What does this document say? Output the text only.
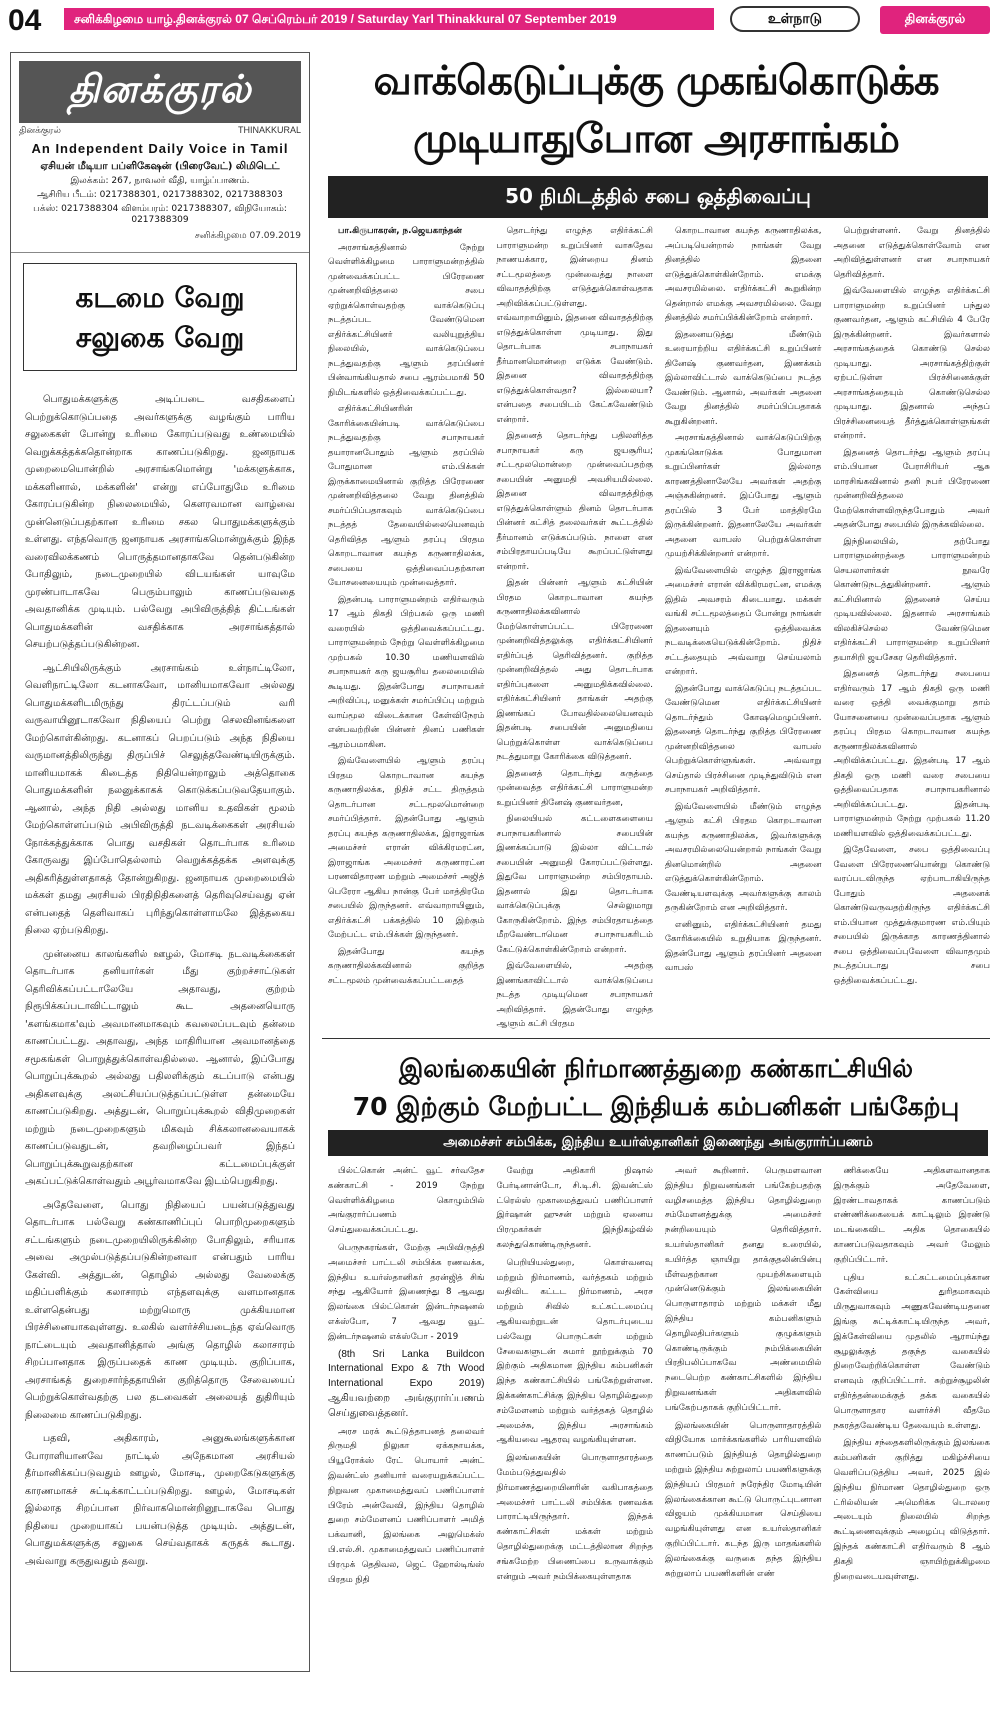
04	சனிக்கிழமை யாழ்.தினக்குரல் 07 செப்ரெம்பர் 2019 / Saturday Yarl Thinakkural 07 September 2019	உள்நாடு	தினக்குரல்
தினக்குரல்
தினக்குரல்	THINAKKURAL
An Independent Daily Voice in Tamil
ஏசியன் மீடியா பப்ளிகேஷன் (பிரைவேட்) லிமிடெட்
இலக்கம்: 267, நாவலர் வீதி, யாழ்ப்பாணம்.
ஆசிரிய பீடம்: 0217388301, 0217388302, 0217388303
பக்ஸ்: 0217388304 விளம்பரம்: 0217388307, விநியோகம்: 0217388309
சனிக்கிழமை 07.09.2019
கடமை வேறு
சலுகை வேறு

பொதுமக்களுக்கு அடிப்படை வசதிகளைப் பெற்றுக்கொடுப்பதை அவர்களுக்கு வழங்கும் பாரிய சலுகைகள் போன்று உரிமை கோரப்படுவது உண்மையில் வெறுக்கத்தக்கதொன்றாக காணப்படுகிறது. ஜனநாயக முறைமையொன்றில் அரசாங்கமொன்று 'மக்களுக்காக, மக்களினால், மக்களின்' என்று எப்போதுமே உரிமை கோரப்படுகின்ற நிலைமையில், கௌரவமான வாழ்வை முன்னெடுப்பதற்கான உரிமை சகல பொதுமக்களுக்கும் உள்ளது. எந்தவொரு ஜனநாயக அரசாங்கமொன்றுக்கும் இந்த வரைவிலக்கணம் பொருத்தமானதாகவே தென்படுகின்ற போதிலும், நடைமுறையில் விடயங்கள் யாவுமே முரண்பாடாகவே பெரும்பாலும் காணப்படுவதை அவதானிக்க முடியும். பல்வேறு அபிவிருத்தித் திட்டங்கள் பொதுமக்களின் வசதிக்காக அரசாங்கத்தால் செயற்படுத்தப்படுகின்றன.

ஆட்சியிலிருக்கும் அரசாங்கம் உள்நாட்டிலோ, வெளிநாட்டிலோ கடனாகவோ, மானியமாகவோ அல்லது பொதுமக்களிடமிருந்து திரட்டப்படும் வரி வருவாயினூடாகவோ நிதியைப் பெற்று செலவினங்களை மேற்கொள்கின்றது. கடனாகப் பெறப்படும் அந்த நிதியை வருமானத்திலிருந்து திருப்பிச் செலுத்தவேண்டியிருக்கும். மானியமாகக் கிடைத்த நிதியென்றாலும் அத்தொகை பொதுமக்களின் நலனுக்காகக் கொடுக்கப்படுவதேயாகும். ஆனால், அந்த நிதி அல்லது மானிய உதவிகள் மூலம் மேற்கொள்ளப்படும் அபிவிருத்தி நடவடிக்கைகள் அரசியல் நோக்கத்துக்காக பொது வசதிகள் தொடர்பாக உரிமை கோருவது இப்போதெல்லாம் வெறுக்கத்தக்க அளவுக்கு அதிகரித்துள்ளதாகத் தோன்றுகிறது. ஜனநாயக முறைமையில் மக்கள் தமது அரசியல் பிரதிநிதிகளைத் தெரிவுசெய்வது ஏன் என்பதைத் தெளிவாகப் புரிந்துகொள்ளாமலே இத்தகைய நிலை ஏற்படுகிறது.

முன்னைய காலங்களில் ஊழல், மோசடி நடவடிக்கைகள் தொடர்பாக தனியார்கள் மீது குற்றச்சாட்டுகள் தெரிவிக்கப்பட்டாலேயே அதாவது, குற்றம் நிரூபிக்கப்படாவிட்டாலும் கூட அதனையொரு 'களங்கமாக'வும் அவமானமாகவும் கவலைப்படவும் தன்மை காணப்பட்டது. அதாவது, அந்த மாதிரியான அவமானத்தை சமூகங்கள் பொறுத்துக்கொள்வதில்லை. ஆனால், இப்போது பொறுப்புக்கூறல் அல்லது பதிலளிக்கும் கடப்பாடு என்பது அதிகளவுக்கு அலட்சியப்படுத்தப்பட்டுள்ள தன்மையே காணப்படுகிறது. அத்துடன், பொறுப்புக்கூறல் விதிமுறைகள் மற்றும் நடைமுறைகளும் மிகவும் சிக்கலானவையாகக் காணப்படுவதுடன், தவறிழைப்பவர் இந்தப் பொறுப்புக்கூறுவதற்கான கட்டமைப்புக்குள் அகப்பட்டுக்கொள்வதும் அபூர்வமாகவே இடம்பெறுகிறது.

அதேவேளை, பொது நிதியைப் பயன்படுத்துவது தொடர்பாக பல்வேறு கண்காணிப்புப் பொறிமுறைகளும் சட்டங்களும் நடைமுறையிலிருக்கின்ற போதிலும், சரியாக அவை அமுல்படுத்தப்படுகின்றனவா என்பதும் பாரிய கேள்வி. அத்துடன், தொழில் அல்லது வேலைக்கு மதிப்பளிக்கும் கலாசாரம் எந்தளவுக்கு வளமானதாக உள்ளதென்பது மற்றுமொரு முக்கியமான பிரச்சினையாகவுள்ளது. உலகில் வளர்ச்சியடைந்த ஏவ்வொரு நாட்டையும் அவதானித்தால் அங்கு தொழில் கலாசாரம் சிறப்பானதாக இருப்பதைக் காண முடியும். குறிப்பாக, அரசாங்கத் துறைசார்ந்ததாயின் குறித்தொரு சேவையைப் பெற்றுக்கொள்வதற்கு பல தடவைகள் அலையத் துதிரியும் நிலைமை காணப்படுகிறது.

பதவி, அதிகாரம், அனுகூலங்களுக்கான போராளியானவே நாட்டில் அநேகமான அரசியல் தீர்மானிக்கப்படுவதும் ஊழல், மோசடி, முறைகேடுகளுக்கு காரணமாகச் சுட்டிக்காட்டப்படுகிறது. ஊழல், மோசடிகள் இல்லாத சிறப்பான நிர்வாகமொன்றினூடாகவே பொது நிதியை முறையாகப் பயன்படுத்த முடியும். அத்துடன், பொதுமக்களுக்கு சலுகை செய்வதாகக் கருதக் கூடாது. அவ்வாறு கருதுவதும் தவறு.

வாக்கெடுப்புக்கு முகங்கொடுக்க
முடியாதுபோன அரசாங்கம்
50 நிமிடத்தில் சபை ஒத்திவைப்பு

பா.கிருபாகரன், ந.ஜெயகாந்தன்

அரசாங்கத்தினால் நேற்று வெள்ளிக்கிழமை பாராளுமன்றத்தில் முன்வைக்கப்பட்ட பிரேரணை முன்னறிவித்தலை சபை ஏற்றுக்கொள்வதற்கு வாக்கெடுப்பு நடத்தப்பட வேண்டுமென எதிர்க்கட்சியினர் வலியுறுத்திய நிலையில், வாக்கெடுப்பை நடத்துவதற்கு ஆளும் தரப்பினர் பின்வாங்கியதால் சபை ஆரம்பமாகி 50 நிமிடங்களில் ஒத்திவைக்கப்பட்டது.

எதிர்க்கட்சியினரின் கோரிக்கையின்படி வாக்கெடுப்பை நடத்துவதற்கு சபாநாயகர் தயாரானபோதும் ஆளும் தரப்பில் போதுமான எம்.பிக்கள் இருக்காமையினால் குறித்த பிரேரணை முன்னறிவித்தலை வேறு தினத்தில் சமர்ப்பிப்பதாகவும் வாக்கெடுப்பை நடத்தத் தேவையில்லையெனவும் தெரிவித்த ஆளும் தரப்பு பிரதம கொறடாவான கயந்த கருணாதிலக்க, சபையை ஒத்திவைப்பதற்கான யோசனையையும் முன்வைத்தார்.

இதன்படி பாராளுமன்றம் எதிர்வரும் 17 ஆம் திகதி பிற்பகல் ஒரு மணி வரையில் ஒத்திவைக்கப்பட்டது. பாராளுமன்றம் நேற்று வெள்ளிக்கிழமை முற்பகல் 10.30 மணியளவில் சபாநாயகர் கரு ஜயசூரிய தலைமையில் கூடியது. இதன்போது சபாநாயகர் அறிவிப்பு, மனுக்கள் சமர்ப்பிப்பு மற்றும் வாய்மூல விடைக்கான கேள்விநேரம் என்பவற்றின் பின்னர் தினப் பணிகள் ஆரம்பமாகின.

இவ்வேளையில் ஆளும் தரப்பு பிரதம கொறடாவான கயந்த கருணாதிலக்க, நிதிச் சட்ட திருத்தம் தொடர்பான சட்டமூலமொன்றை சமர்ப்பித்தார். இதன்போது ஆளும் தரப்பு கயந்த கருணாதிலக்க, இராஜாங்க அமைச்சர் எரான் விக்கிரமரட்ன, இராஜாங்க அமைச்சர் கருணாரட்ன பரணவிதாரண மற்றும் அமைச்சர் அஜித் பெரேரா ஆகிய நான்கு பேர் மாத்திரமே சபையில் இருந்தனர். எவ்வாறாயினும், எதிர்க்கட்சி பக்கத்தில் 10 இற்கும் மேற்பட்ட எம்.பிக்கள் இருந்தனர்.

இதன்போது கயந்த கருணாதிலக்கவினால் குறித்த சட்டமூலம் முன்வைக்கப்பட்டதைத்

தொடர்ந்து எழுந்த எதிர்க்கட்சி பாராளுமன்ற உறுப்பினர் வாசுதேவ நாணயக்கார, இன்றைய தினம் சட்டமூலத்தை முன்வைத்து நாளை விவாதத்திற்கு எடுத்துக்கொள்வதாக அறிவிக்கப்பட்டுள்ளது. எவ்வாறாயினும், இதனை விவாதத்திற்கு எடுத்துக்கொள்ள முடியாது. இது தொடர்பாக சபாநாயகர் தீர்மானமொன்றை எடுக்க வேண்டும். இதனை விவாதத்திற்கு எடுத்துக்கொள்வதா? இல்லையா? என்பதை சபையிடம் கேட்கவேண்டும் என்றார்.

இதனைத் தொடர்ந்து பதிலளித்த சபாநாயகர் கரு ஜயசூரிய; சட்டமூலமொன்றை முன்வைப்பதற்கு சபையின் அனுமதி அவசியமில்லை. இதனை விவாதத்திற்கு எடுத்துக்கொள்ளும் தினம் தொடர்பாக பின்னர் கட்சித் தலைவர்கள் கூட்டத்தில் தீர்மானம் எடுக்கப்படும். நாளை என சம்பிரதாயப்படியே கூறப்பட்டுள்ளது என்றார்.

இதன் பின்னர் ஆளும் கட்சியின் பிரதம கொறடாவான கயந்த கருணாதிலக்கவினால் மேற்கொள்ளப்பட்ட பிரேரணை முன்னறிவித்தலுக்கு எதிர்க்கட்சியினர் எதிர்ப்புத் தெரிவித்தனர். குறித்த முன்னறிவித்தல் அது தொடர்பாக எதிர்ப்புகளை அனுமதிக்கவில்லை. எதிர்க்கட்சியினர் தாங்கள் அதற்கு இணங்கப் போவதில்லையெனவும் இதன்படி சபையின் அனுமதியை பெற்றுக்கொள்ள வாக்கெடுப்பை நடத்துமாறு கோரிக்கை விடுத்தனர்.

இதனைத் தொடர்ந்து கருத்தை முன்வைத்த எதிர்க்கட்சி பாராளுமன்ற உறுப்பினர் தினேஷ் குணவர்தன,

நிலையியல் கட்டளைகளையை சபாநாயகரினால் சபையின் இணக்கப்பாடு இல்லா விட்டால் சபையின் அனுமதி கோரப்பட்டுள்ளது. இதுவே பாராளுமன்ற சம்பிரதாயம். இதனால் இது தொடர்பாக வாக்கெடுப்புக்கு செல்லுமாறு கோருகின்றோம். இந்த சம்பிரதாயத்தை மீறவேண்டாமென சபாநாயகரிடம் கேட்டுக்கொள்கின்றோம் என்றார்.

இவ்வேளையில், அதற்கு இணங்காவிட்டால் வாக்கெடுப்பை நடத்த முடியுமென சபாநாயகர் அறிவித்தார். இதன்போது எழுந்த ஆளும் கட்சி பிரதம

கொறடாவான கயந்த கருணாதிலக்க, அப்படியென்றால் நாங்கள் வேறு தினத்தில் இதனை எடுத்துக்கொள்கின்றோம். எமக்கு அவசரமில்லை. எதிர்க்கட்சி கூறுகின்ற தென்றால் எமக்கு அவசரமில்லை. வேறு தினத்தில் சமர்ப்பிக்கின்றோம் என்றார்.

இதனையடுத்து மீண்டும் உரையாற்றிய எதிர்க்கட்சி உறுப்பினர் தினேஷ் குணவர்தன, இணக்கம் இல்லாவிட்டால் வாக்கெடுப்பை நடத்த வேண்டும். ஆனால், அவர்கள் அதனை வேறு தினத்தில் சமர்ப்பிப்பதாகக் கூறுகின்றனர்.

அரசாங்கத்தினால் வாக்கெடுப்பிற்கு முகங்கொடுக்க போதுமான உறுப்பினர்கள் இல்லாத காரணத்தினாலேயே அவர்கள் அதற்கு அஞ்சுகின்றனர். இப்போது ஆளும் தரப்பில் 3 பேர் மாத்திரமே இருக்கின்றனர். இதனாலேயே அவர்கள் அதனை வாபஸ் பெற்றுக்கொள்ள முயற்சிக்கின்றனர் என்றார்.

இவ்வேளையில் எழுந்த இராஜாங்க அமைச்சர் எரான் விக்கிரமரட்ன, எமக்கு இதில் அவசரம் கிடையாது. மக்கள் வங்கி சட்டமூலத்தைப் போன்று நாங்கள் இதனையும் ஒத்திவைக்க நடவடிக்கையெடுக்கின்றோம். நிதிச் சட்டத்தையும் அவ்வாறு செய்யலாம் என்றார்.

இதன்போது வாக்கெடுப்பு நடத்தப்பட வேண்டுமென எதிர்க்கட்சியினர் தொடர்ந்தும் கோஷமெழுப்பினர். இதனைத் தொடர்ந்து குறித்த பிரேரணை முன்னறிவித்தலை வாபஸ் பெற்றுக்கொள்ளுங்கள். அவ்வாறு செய்தால் பிரச்சினை முடிந்துவிடும் என சபாநாயகர் அறிவித்தார்.

இவ்வேளையில் மீண்டும் எழுந்த ஆளும் கட்சி பிரதம கொறடாவான கயந்த கருணாதிலக்க, இவர்களுக்கு அவசரமில்லையென்றால் நாங்கள் வேறு தினமொன்றில் அதனை எடுத்துக்கொள்கின்றோம். வேண்டியளவுக்கு அவர்களுக்கு காலம் தருகின்றோம் என அறிவித்தார்.

எனினும், எதிர்க்கட்சியினர் தமது கோரிக்கையில் உறுதியாக இருந்தனர். இதன்போது ஆளும் தரப்பினர் அதனை வாபஸ்

பெற்றுள்ளனர். வேறு தினத்தில் அதனை எடுத்துக்கொள்வோம் என அறிவித்துள்ளனர் என சபாநாயகர் தெரிவித்தார்.

இவ்வேளையில் எழுந்த எதிர்க்கட்சி பாராளுமன்ற உறுப்பினர் பந்துல குணவர்தன, ஆளும் கட்சியில் 4 பேரே இருக்கின்றனர். இவர்களால் அரசாங்கத்தைக் கொண்டு செல்ல முடியாது. அரசாங்கத்திற்குள் ஏற்பட்டுள்ள பிரச்சினைக்குள் அரசாங்கத்தையும் கொண்டுசெல்ல முடியாது. இதனால் அந்தப் பிரச்சினையைத் தீர்த்துக்கொள்ளுங்கள் என்றார்.

இதனைத் தொடர்ந்து ஆளும் தரப்பு எம்.பியான பேராசிரியர் ஆசு மாரசிங்கவினால் தனி நபர் பிரேரணை முன்னறிவித்தலை மேற்கொள்ளவிருந்தபோதும் அவர் அதன்போது சபையில் இருக்கவில்லை.

இந்நிலையில், தற்போது பாராளுமன்றத்தை பாராளுமன்றம் செயலாளர்கள் நூவரே கொண்டுநடத்துகின்றனர். ஆளும் கட்சியினால் இதனைச் செய்ய முடியவில்லை. இதனால் அரசாங்கம் விலகிச்செல்ல வேண்டுமென எதிர்க்கட்சி பாராளுமன்ற உறுப்பினர் தயாசிறி ஜயசேகர தெரிவித்தார்.

இதனைத் தொடர்ந்து சபையை எதிர்வரும் 17 ஆம் திகதி ஒரு மணி வரை ஒத்தி வைக்குமாறு தாம் யோசனையை முன்வைப்பதாக ஆளும் தரப்பு பிரதம கொறடாவான கயந்த கருணாதிலக்கவினால் அறிவிக்கப்பட்டது. இதன்படி 17 ஆம் திகதி ஒரு மணி வரை சபையை ஒத்திவைப்பதாக சபாநாயகரினால் அறிவிக்கப்பட்டது. இதன்படி பாராளுமன்றம் நேற்று முற்பகல் 11.20 மணியளவில் ஒத்திவைக்கப்பட்டது.

இதேவேளை, சபை ஒத்திவைப்பு வேளை பிரேரணையொன்று கொண்டு வரப்படவிருந்த ஏற்பாடாகியிருந்த போதும் அதனைக் கொண்டுவருவதற்கிருந்த எதிர்க்கட்சி எம்.பியான முத்துக்குமாரண எம்.பியும் சபையில் இருக்காத காரணத்தினால் சபை ஒத்திவைப்புவேளை விவாதமும் நடத்தப்படாது சபை ஒத்திவைக்கப்பட்டது.

இலங்கையின் நிர்மாணத்துறை கண்காட்சியில்
70 இற்கும் மேற்பட்ட இந்தியக் கம்பனிகள் பங்கேற்பு
அமைச்சர் சம்பிக்க, இந்திய உயர்ஸ்தானிகர் இணைந்து அங்குரார்ப்பணம்

பில்ட்கொன் அன்ட் வூட் சர்வதேச கண்காட்சி - 2019 நேற்று வெள்ளிக்கிழமை கொழும்பில் அங்குரார்ப்பணம் செய்துவைக்கப்பட்டது.

பெருநகரங்கள், மேற்கு அபிவிருத்தி அமைச்சர் பாட்டலி சம்பிக்க ரணவக்க, இந்திய உயர்ஸ்தானிகர் தரன்ஜித் சிங் சந்து ஆகியோர் இணைந்து 8 ஆவது இலங்கை பில்ட்கொன் இன்டர்நஷனல் எக்ஸ்போ, 7 ஆவது வூட் இன்டர்நஷனல் எக்ஸ்போ - 2019

(8th Sri Lanka Buildcon International Expo & 7th Wood International Expo 2019) ஆகியவற்றை அங்குரார்ப்பணம் செய்துவைத்தனர்.

அரச மரக் கூட்டுத்தாபனத் தலைவர் திருமதி நிலுகா ஏக்கநாயக்க, பியூரோக்ஸ் ரேட் பொயார் அன்ட் இவன்ட்ஸ் தனியார் வரையறுக்கப்பட்ட நிறுவன முகாமைத்துவப் பணிப்பாளர் பிரேம் அன்வேவி, இந்திய தொழில் துறை சம்மேளனப் பணிப்பாளர் அமித் பக்வானி, இலங்கை அலுமெக்ஸ் பி.எல்.சி. முகாமைத்துவப் பணிப்பாளர் பிரமுக் தெதிவல, ஜெட் ஹோல்டிங்ஸ் பிரதம நிதி

வேற்று அதிகாரி நிஷால் பேர்டினான்டோ, சி.டி.சி. இவன்ட்ஸ் ட்ரெல்ஸ் முகாமைத்துவப் பணிப்பாளர் இர்ஷான் ஹுசன் மற்றும் ஏனைய பிரமுகர்கள் இந்நிகழ்வில் கலந்துகொண்டிருந்தனர்.

பெறியியல்துறை, கொள்வனவு மற்றும் நிர்மாணம், வர்த்தகம் மற்றும் வதிவிட கட்டட நிர்மாணம், அரச மற்றும் சிவில் உட்கட்டமைப்பு ஆகியவற்றுடன் தொடர்புடைய பல்வேறு பொருட்கள் மற்றும் சேவைகளுடன் சுமார் நூற்றுக்கும் 70 இற்கும் அதிகமான இந்திய கம்பனிகள் இந்த கண்காட்சியில் பங்கேற்றுள்ளன. இக்கண்காட்சிக்கு இந்திய தொழில்துறை சம்மேளனம் மற்றும் வர்த்தகத் தொழில் அமைச்சு, இந்திய அரசாங்கம் ஆகியவை ஆதரவு வழங்கியுள்ளன.

இலங்கையின் பொருளாதாரத்தை மேம்படுத்துவதில் நிர்மாணத்துறையினரின் வகிபாகத்தை அமைச்சர் பாட்டலி சம்பிக்க ரணவக்க பாராட்டியிருந்தார். இந்தக் கண்காட்சிகள் மக்கள் மற்றும் தொழில்துறைக்கு மட்டத்திலான சிறந்த சங்கமேற்ற பிணைப்பை உருவாக்கும் என்றும் அவர் நம்பிக்கையுள்ளதாக

அவர் கூறினார். பெருமளவான இந்திய நிறுவனங்கள் பங்கேற்பதற்கு வழிசமைத்த இந்திய தொழில்துறை சம்மேளனத்துக்கு அமைச்சர் நன்றியையும் தெரிவித்தார். உயர்ஸ்தானிகர் தனது உரையில், உயிர்த்த ஞாயிறு தாக்குதலின்பின்பு மீள்வதற்கான முயற்சிகளையும் முன்னெடுக்கும் இலங்கையின் பொருளாதாரம் மற்றும் மக்கள் மீது இந்திய கம்பனிகளும் தொழிலதிபர்களும் குழுக்களும் கொண்டிருக்கும் நம்பிக்கையின் பிரதிபலிப்பாகவே அண்மையில் நடைபெற்ற கண்காட்சிகளில் இந்திய நிறுவனங்கள் அதிகளவில் பங்கேற்பதாகக் குறிப்பிட்டார்.

இலங்கையின் பொருளாதாரத்தில் விநியோக மார்க்கங்களில் பாரியளவில் காணப்படும் இந்தியத் தொழில்துறை மற்றும் இந்திய சுற்றுலாப் பயணிகளுக்கு இந்தியப் பிரதமர் நரேந்திர மோடியின் இலங்கைக்கான கூட்டு பொருட்புடனான விஜயம் முக்கியமான செய்தியை வழங்கியுள்ளது என உயர்ஸ்தானிகர் குறிப்பிட்டார். கடந்த இரு மாதங்களில் இலங்கைக்கு வருகை தந்த இந்திய சுற்றுலாப் பயணிகளின் எண்

ணிக்கையே அதிகளவானதாக இருக்கும் அதேவேளை, இரண்டாவதாகக் காணப்படும் எண்ணிக்கையைக் காட்டிலும் இரண்டு மடங்கைவிட அதிக தொகையில் காணப்படுவதாகவும் அவர் மேலும் குறிப்பிட்டார்.

புதிய உட்கட்டமைப்புக்கான கேள்வியை துரிதமாகவும் மிருதுவாகவும் அணுகவேண்டியதனை இங்கு சுட்டிக்காட்டியிருந்த அவர், இக்கேள்வியை முதலில் ஆராய்ந்து சூழலுக்குத் தகுந்த வகையில் நிறைவேற்றிக்கொள்ள வேண்டும் எனவும் குறிப்பிட்டார். சுற்றுச்சூழலின் எதிர்த்தன்மைக்குத் தக்க வகையில் பொருளாதார வளர்ச்சி வீதமே நகரத்தவேண்டிய தேவையும் உள்ளது.

இந்திய சந்தைகளிலிருக்கும் இலங்கை கம்பனிகள் குறித்து மகிழ்ச்சியை வெளிப்படுத்திய அவர், 2025 இல் இந்திய நிர்மாண தொழில்துறை ஒரு ட்ரில்லியன் அமெரிக்க டொலரை அடையும் நிலையில் சிறந்த கூட்டிணைவுக்கும் அழைப்பு விடுத்தார். இந்தக் கண்காட்சி எதிர்வரும் 8 ஆம் திகதி ஞாயிற்றுக்கிழமை நிறைவடையவுள்ளது.
